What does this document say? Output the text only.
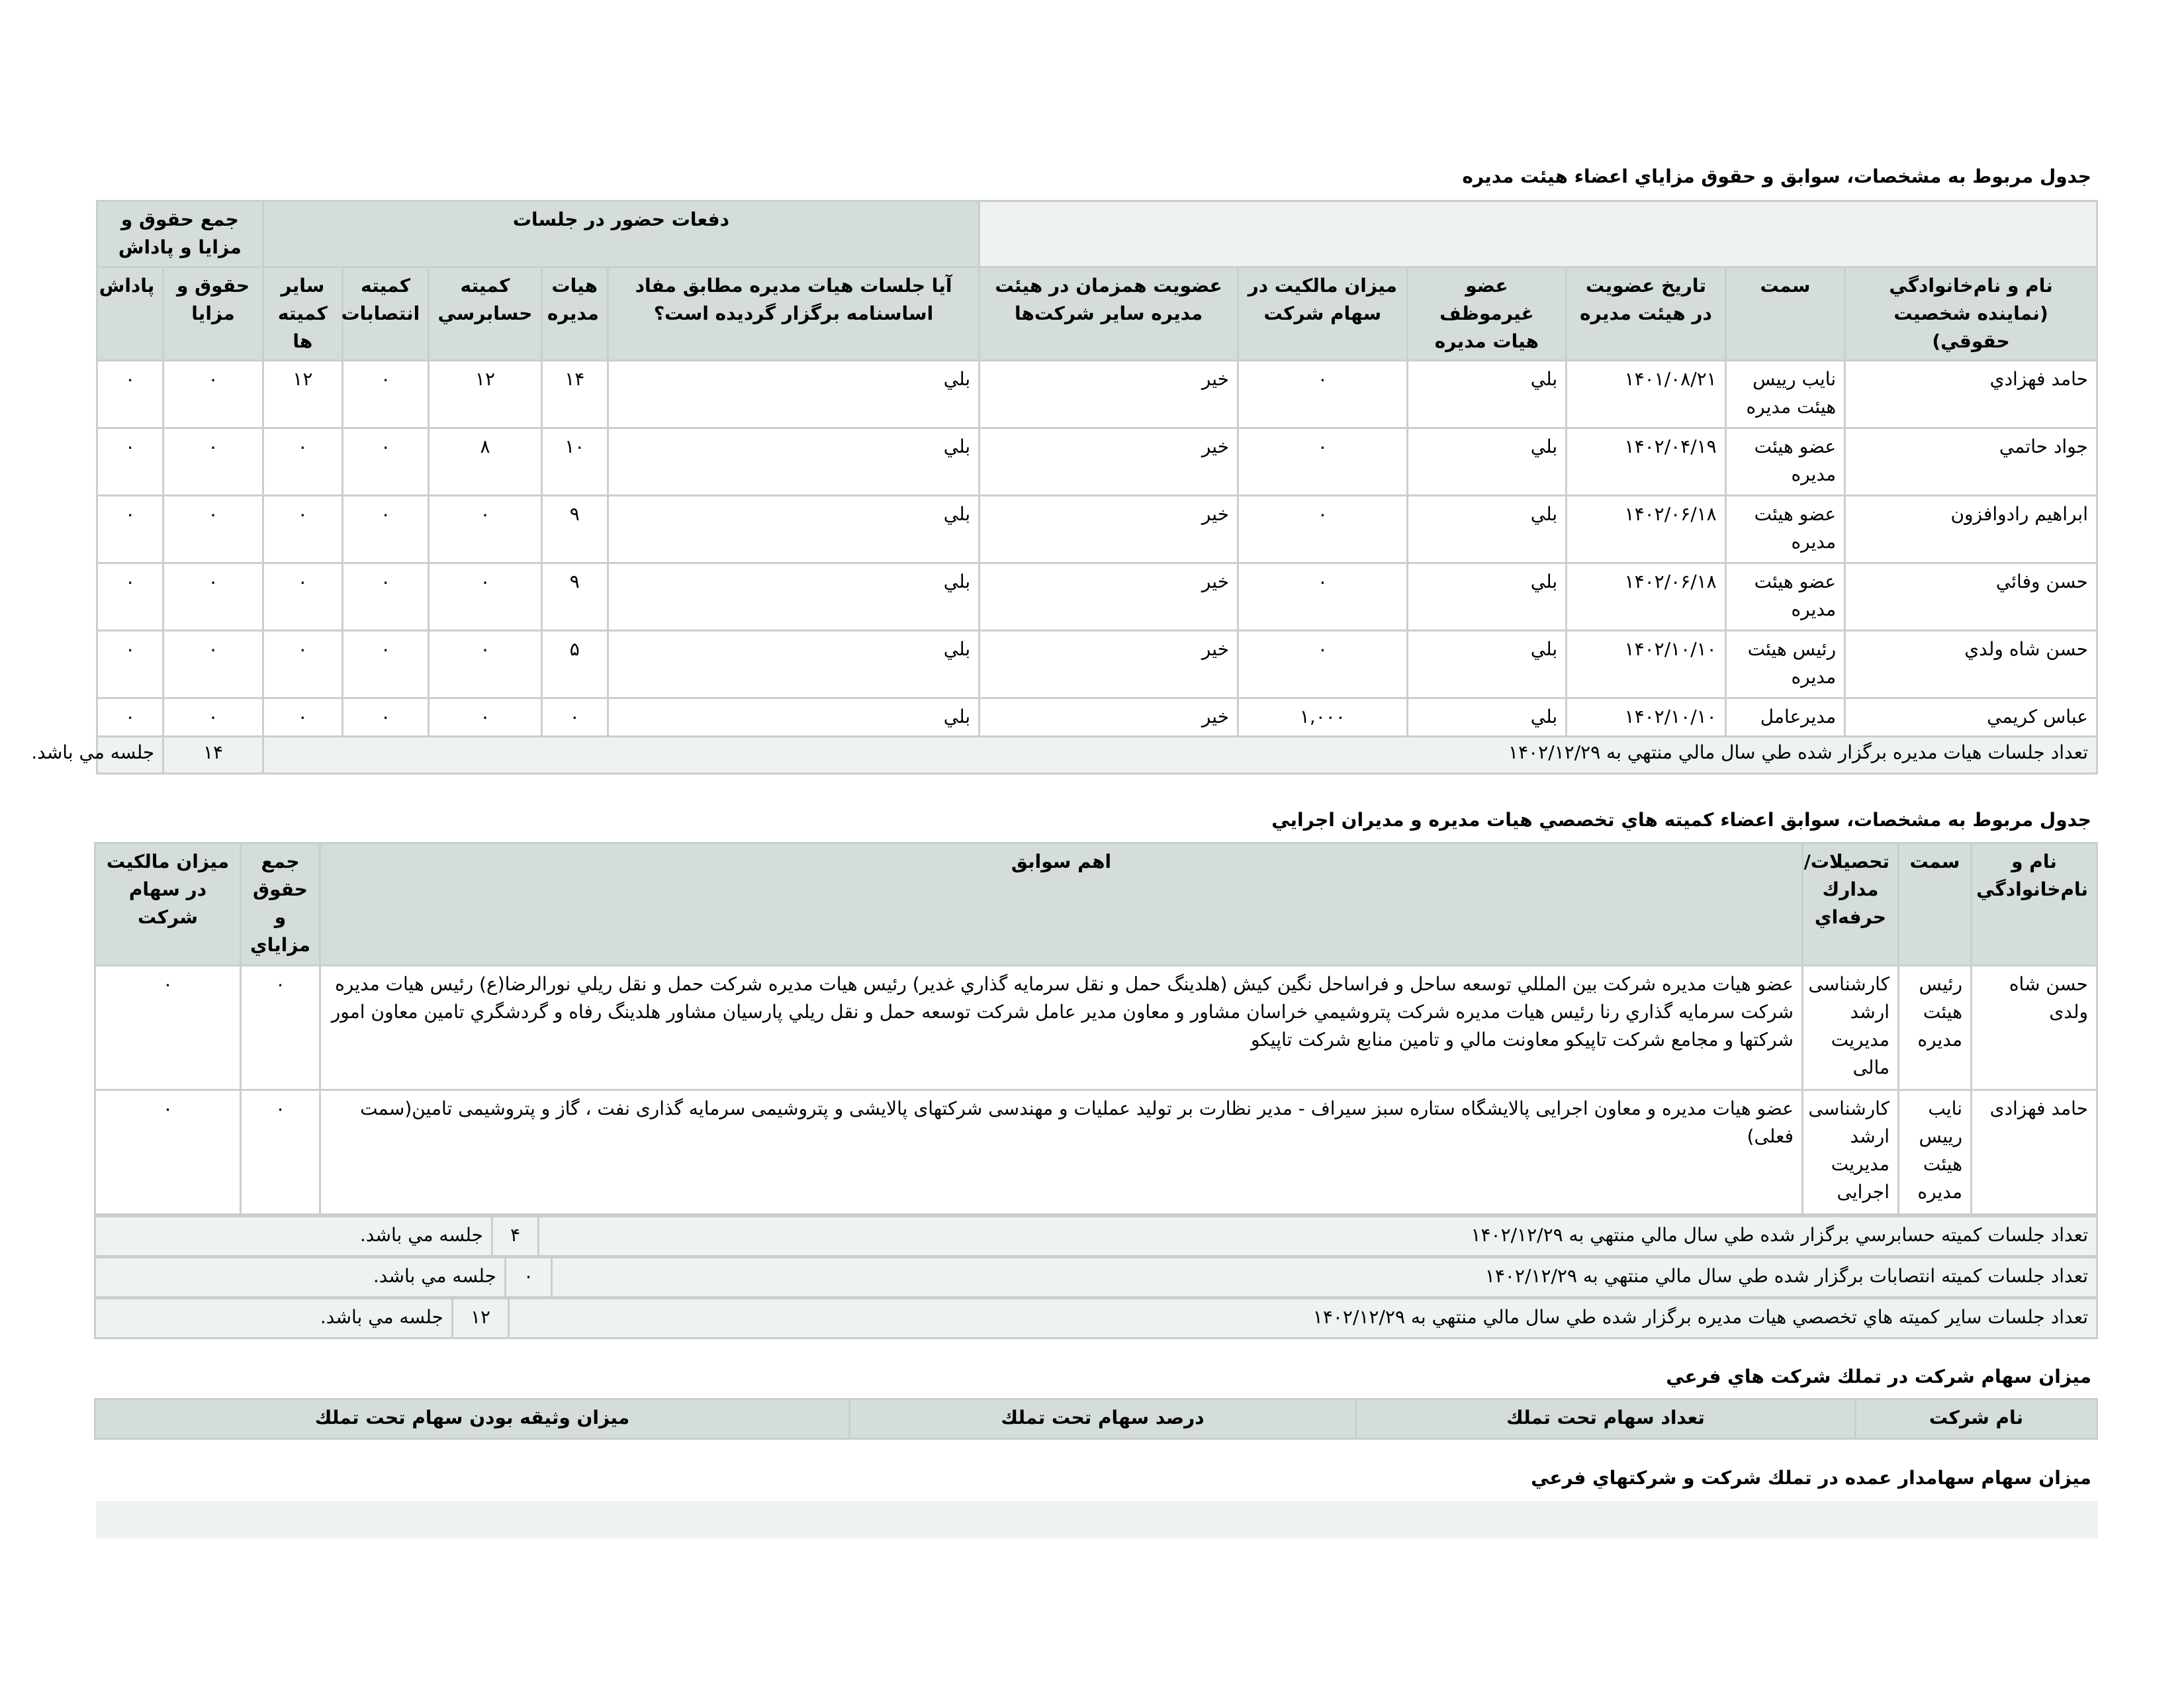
جدول مربوط به مشخصات، سوابق و حقوق مزاياي اعضاء هيئت مديره
						دفعات حضور در جلسات					جمع حقوق و مزايا و پاداش	
نام و نام‌خانوادگي (نماينده شخصيت حقوقي)	سمت	تاريخ عضويت در هيئت مديره	عضو غيرموظف هيات مديره	ميزان مالكيت در سهام شركت	عضويت همزمان در هيئت مديره ساير شركت‌ها	آيا جلسات هيات مديره مطابق مفاد اساسنامه برگزار گرديده است؟	هيات مديره	كميته حسابرسي	كميته انتصابات	ساير كميته ها	حقوق و مزايا	پاداش
حامد فهزادي	نايب رييس هيئت مديره	۱۴۰۱/۰۸/۲۱	بلي	۰	خير	بلي	۱۴	۱۲	۰	۱۲	۰	۰
جواد حاتمي	عضو هيئت مديره	۱۴۰۲/۰۴/۱۹	بلي	۰	خير	بلي	۱۰	۸	۰	۰	۰	۰
ابراهيم رادوافزون	عضو هيئت مديره	۱۴۰۲/۰۶/۱۸	بلي	۰	خير	بلي	۹	۰	۰	۰	۰	۰
حسن وفائي	عضو هيئت مديره	۱۴۰۲/۰۶/۱۸	بلي	۰	خير	بلي	۹	۰	۰	۰	۰	۰
حسن شاه ولدي	رئيس هيئت مديره	۱۴۰۲/۱۰/۱۰	بلي	۰	خير	بلي	۵	۰	۰	۰	۰	۰
عباس كريمي	مديرعامل	۱۴۰۲/۱۰/۱۰	بلي	۱,۰۰۰	خير	بلي	۰	۰	۰	۰	۰	۰
تعداد جلسات هيات مديره برگزار شده طي سال مالي منتهي به ۱۴۰۲/۱۲/۲۹											۱۴	جلسه مي باشد.
جدول مربوط به مشخصات، سوابق اعضاء كميته هاي تخصصي هيات مديره و مديران اجرايي
نام و نام‌خانوادگي	سمت	تحصيلات/ مدارك حرفه‌اي	اهم سوابق	جمع حقوق و مزاياي	ميزان مالكيت در سهام شركت
حسن شاه ولدی	رئیس هیئت مدیره	کارشناسی ارشد مدیریت مالی	عضو هيات مديره شركت بين المللي توسعه ساحل و فراساحل نگين كيش (هلدينگ حمل و نقل سرمايه گذاري غدير) رئيس هيات مديره شركت حمل و نقل ريلي نورالرضا(ع) رئيس هيات مديره شركت سرمايه گذاري رنا رئيس هيات مديره شركت پتروشيمي خراسان مشاور و معاون مدير عامل شركت توسعه حمل و نقل ريلي پارسيان مشاور هلدينگ رفاه و گردشگري تامين معاون امور شركتها و مجامع شركت تاپيكو معاونت مالي و تامين منابع شركت تاپيكو	۰	۰
حامد فهزادی	نایب رییس هیئت مدیره	کارشناسی ارشد مدیریت اجرایی	عضو هیات مدیره و معاون اجرایی پالایشگاه ستاره سبز سیراف - مدیر نظارت بر تولید عملیات و مهندسی شرکتهای پالایشی و پتروشیمی سرمایه گذاری نفت ، گاز و پتروشیمی تامین(سمت فعلی)	۰	۰
تعداد جلسات كميته حسابرسي برگزار شده طي سال مالي منتهي به ۱۴۰۲/۱۲/۲۹	۴	جلسه مي باشد.
تعداد جلسات كميته انتصابات برگزار شده طي سال مالي منتهي به ۱۴۰۲/۱۲/۲۹	۰	جلسه مي باشد.
تعداد جلسات ساير كميته هاي تخصصي هيات مديره برگزار شده طي سال مالي منتهي به ۱۴۰۲/۱۲/۲۹	۱۲	جلسه مي باشد.
ميزان سهام شركت در تملك شركت هاي فرعي
نام شركت	تعداد سهام تحت تملك	درصد سهام تحت تملك	ميزان وثيقه بودن سهام تحت تملك
ميزان سهام سهامدار عمده در تملك شركت و شركتهاي فرعي
